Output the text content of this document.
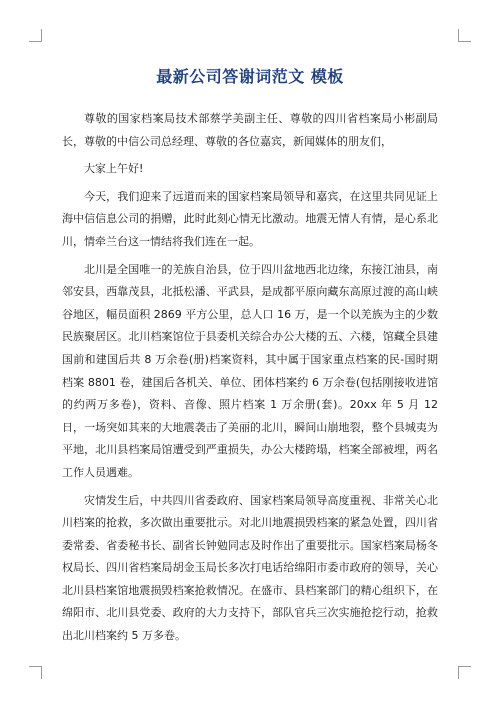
最新公司答谢词范文 模板

尊敬的国家档案局技术部蔡学美副主任、尊敬的四川省档案局小彬副局长，尊敬的中信公司总经理、尊敬的各位嘉宾，新闻媒体的朋友们，

大家上午好!

今天，我们迎来了远道而来的国家档案局领导和嘉宾，在这里共同见证上海中信信息公司的捐赠，此时此刻心情无比激动。地震无情人有情，是心系北川，情牵兰台这一情结将我们连在一起。

北川是全国唯一的羌族自治县，位于四川盆地西北边缘，东接江油县，南邻安县，西靠茂县，北抵松潘、平武县，是成都平原向藏东高原过渡的高山峡谷地区，幅员面积 2869 平方公里，总人口 16 万，是一个以羌族为主的少数民族聚居区。北川档案馆位于县委机关综合办公大楼的五、六楼，馆藏全县建国前和建国后共 8 万余卷(册)档案资料，其中属于国家重点档案的民-国时期档案 8801 卷，建国后各机关、单位、团体档案约 6 万余卷(包括刚接收进馆的约两万多卷)，资料、音像、照片档案 1 万余册(套)。20xx 年 5 月 12 日，一场突如其来的大地震袭击了美丽的北川，瞬间山崩地裂，整个县城夷为平地，北川县档案局馆遭受到严重损失，办公大楼跨塌，档案全部被埋，两名工作人员遇难。

灾情发生后，中共四川省委政府、国家档案局领导高度重视、非常关心北川档案的抢救，多次做出重要批示。对北川地震损毁档案的紧急处置，四川省委常委、省委秘书长、副省长钟勉同志及时作出了重要批示。国家档案局杨冬权局长、四川省档案局胡金玉局长多次打电话给绵阳市委市政府的领导，关心北川县档案馆地震损毁档案抢救情况。在盛市、县档案部门的精心组织下，在绵阳市、北川县党委、政府的大力支持下，部队官兵三次实施抢挖行动，抢救出北川档案约 5 万多卷。
